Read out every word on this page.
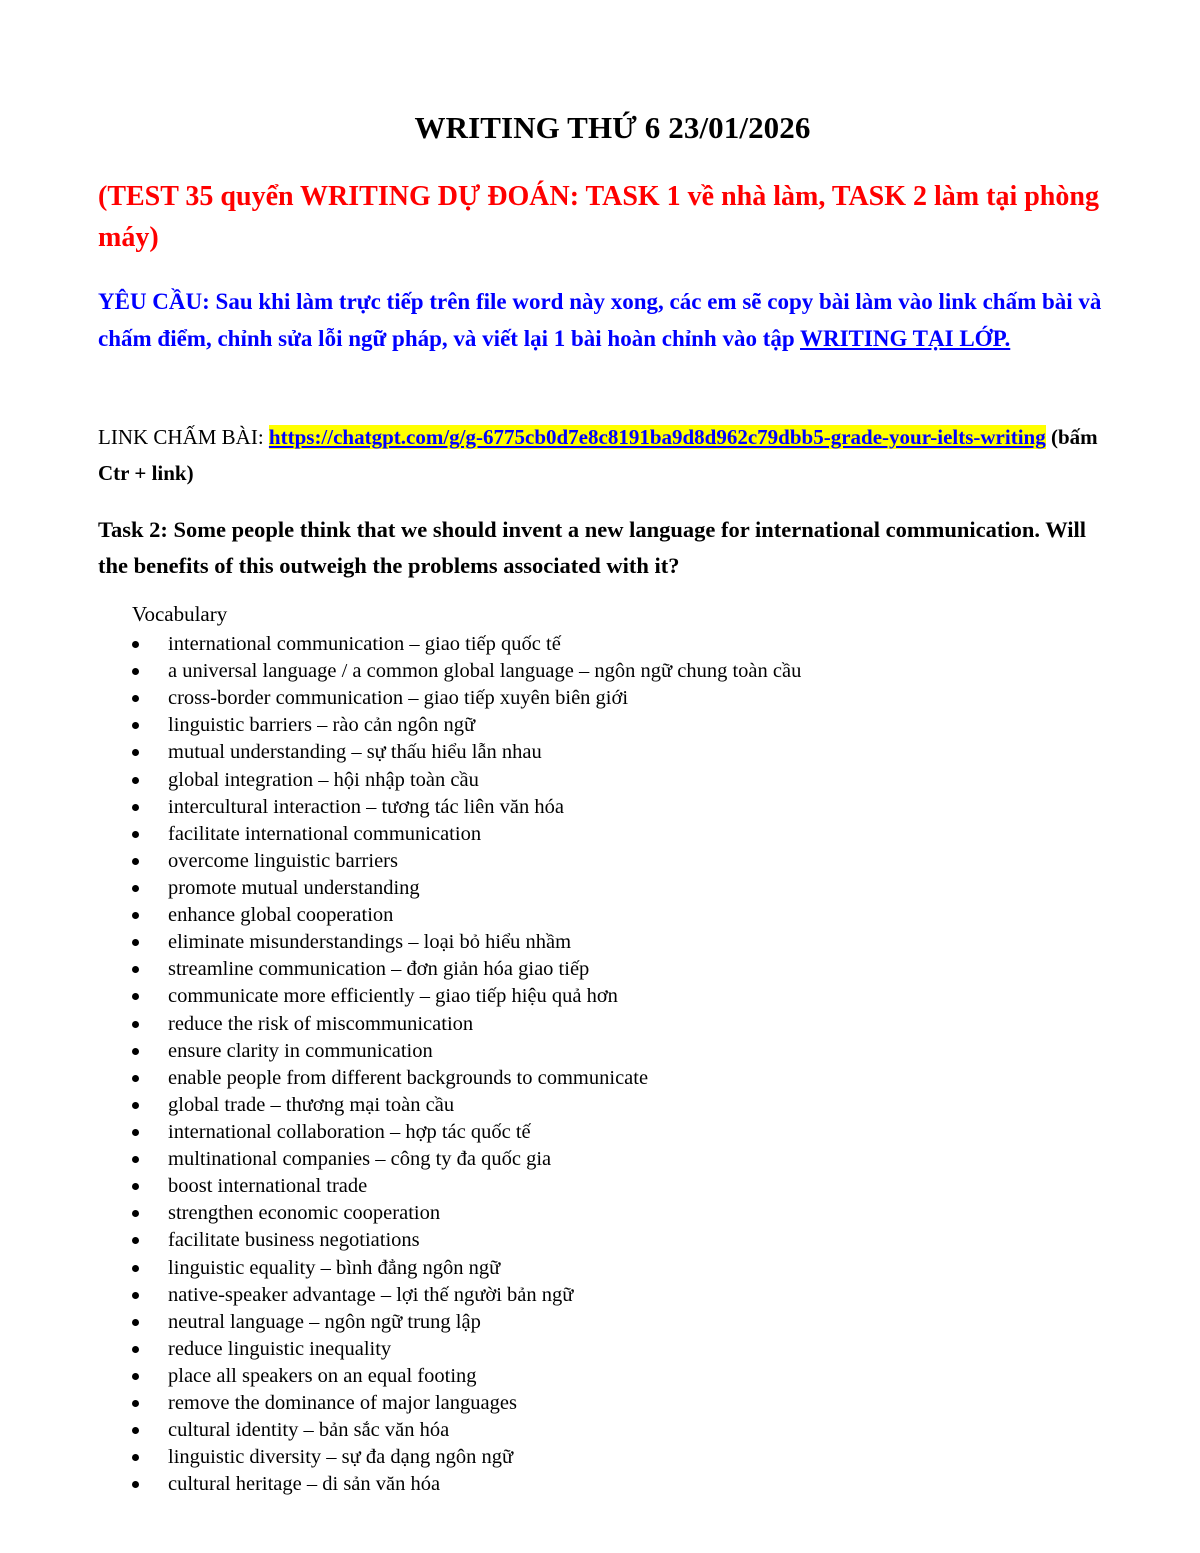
WRITING THỨ 6 23/01/2026
(TEST 35 quyển WRITING DỰ ĐOÁN: TASK 1 về nhà làm, TASK 2 làm tại phòng máy)
YÊU CẦU: Sau khi làm trực tiếp trên file word này xong, các em sẽ copy bài làm vào link chấm bài và chấm điểm, chỉnh sửa lỗi ngữ pháp, và viết lại 1 bài hoàn chỉnh vào tập WRITING TẠI LỚP.
LINK CHẤM BÀI: https://chatgpt.com/g/g-6775cb0d7e8c8191ba9d8d962c79dbb5-grade-your-ielts-writing (bấm Ctr + link)
Task 2: Some people think that we should invent a new language for international communication. Will the benefits of this outweigh the problems associated with it?
Vocabulary
international communication – giao tiếp quốc tế
a universal language / a common global language – ngôn ngữ chung toàn cầu
cross-border communication – giao tiếp xuyên biên giới
linguistic barriers – rào cản ngôn ngữ
mutual understanding – sự thấu hiểu lẫn nhau
global integration – hội nhập toàn cầu
intercultural interaction – tương tác liên văn hóa
facilitate international communication
overcome linguistic barriers
promote mutual understanding
enhance global cooperation
eliminate misunderstandings – loại bỏ hiểu nhầm
streamline communication – đơn giản hóa giao tiếp
communicate more efficiently – giao tiếp hiệu quả hơn
reduce the risk of miscommunication
ensure clarity in communication
enable people from different backgrounds to communicate
global trade – thương mại toàn cầu
international collaboration – hợp tác quốc tế
multinational companies – công ty đa quốc gia
boost international trade
strengthen economic cooperation
facilitate business negotiations
linguistic equality – bình đẳng ngôn ngữ
native-speaker advantage – lợi thế người bản ngữ
neutral language – ngôn ngữ trung lập
reduce linguistic inequality
place all speakers on an equal footing
remove the dominance of major languages
cultural identity – bản sắc văn hóa
linguistic diversity – sự đa dạng ngôn ngữ
cultural heritage – di sản văn hóa
